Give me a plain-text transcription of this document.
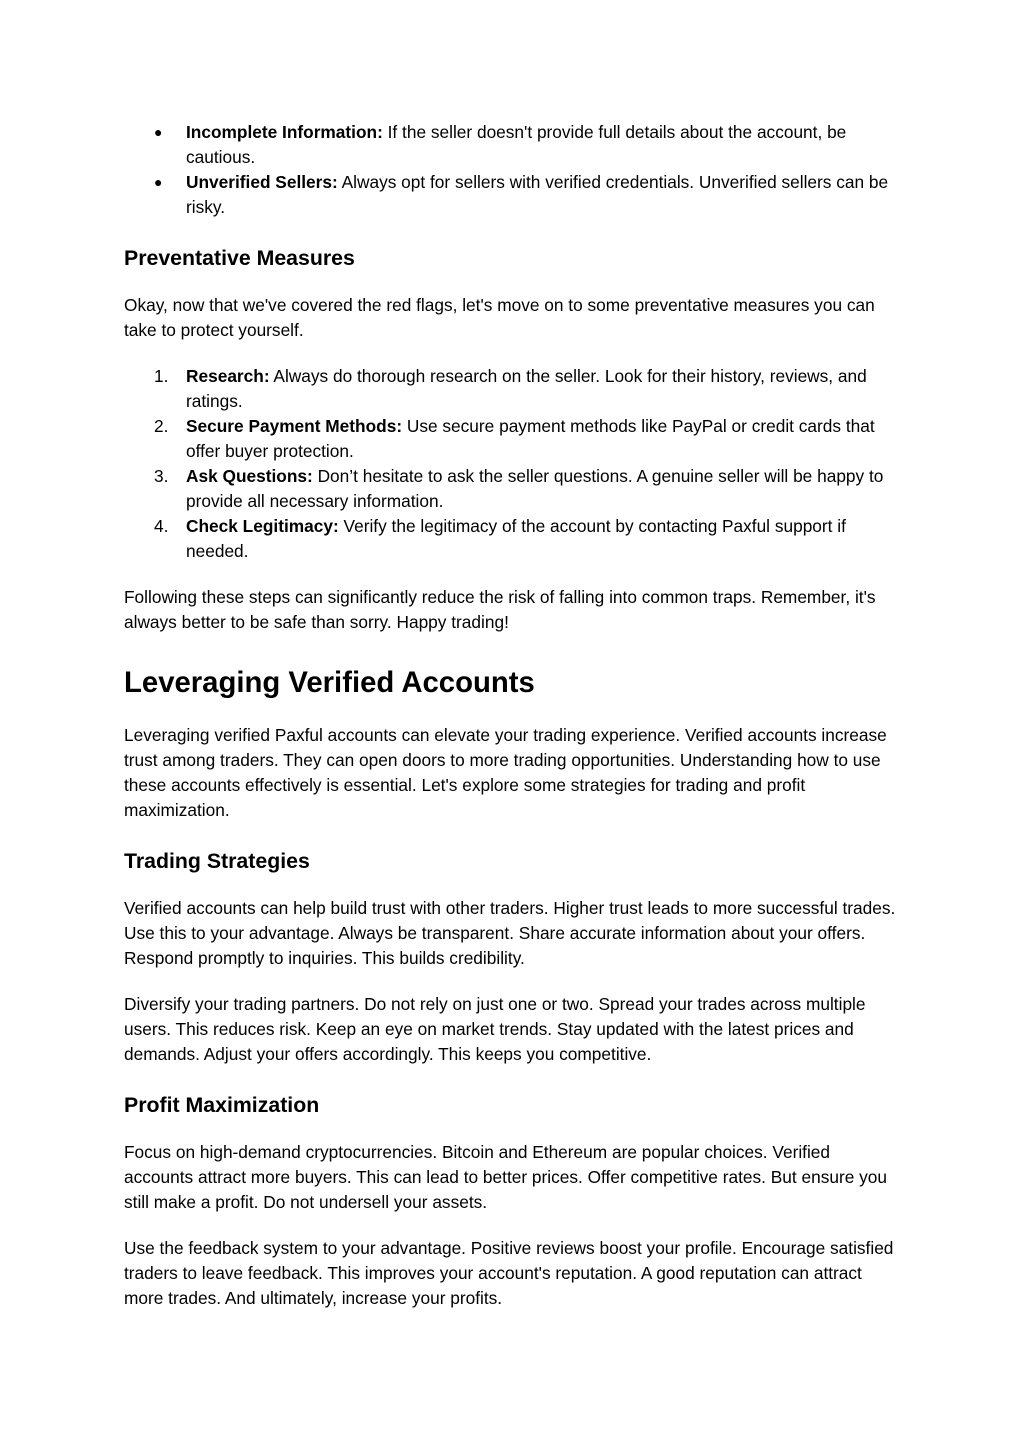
● Incomplete Information: If the seller doesn't provide full details about the account, be cautious.
● Unverified Sellers: Always opt for sellers with verified credentials. Unverified sellers can be risky.
Preventative Measures

Okay, now that we've covered the red flags, let's move on to some preventative measures you can take to protect yourself.

1. Research: Always do thorough research on the seller. Look for their history, reviews, and ratings.
2. Secure Payment Methods: Use secure payment methods like PayPal or credit cards that offer buyer protection.
3. Ask Questions: Don’t hesitate to ask the seller questions. A genuine seller will be happy to provide all necessary information.
4. Check Legitimacy: Verify the legitimacy of the account by contacting Paxful support if needed.

Following these steps can significantly reduce the risk of falling into common traps. Remember, it's always better to be safe than sorry. Happy trading!

Leveraging Verified Accounts

Leveraging verified Paxful accounts can elevate your trading experience. Verified accounts increase trust among traders. They can open doors to more trading opportunities. Understanding how to use these accounts effectively is essential. Let's explore some strategies for trading and profit maximization.

Trading Strategies

Verified accounts can help build trust with other traders. Higher trust leads to more successful trades. Use this to your advantage. Always be transparent. Share accurate information about your offers. Respond promptly to inquiries. This builds credibility.

Diversify your trading partners. Do not rely on just one or two. Spread your trades across multiple users. This reduces risk. Keep an eye on market trends. Stay updated with the latest prices and demands. Adjust your offers accordingly. This keeps you competitive.

Profit Maximization

Focus on high-demand cryptocurrencies. Bitcoin and Ethereum are popular choices. Verified accounts attract more buyers. This can lead to better prices. Offer competitive rates. But ensure you still make a profit. Do not undersell your assets.

Use the feedback system to your advantage. Positive reviews boost your profile. Encourage satisfied traders to leave feedback. This improves your account's reputation. A good reputation can attract more trades. And ultimately, increase your profits.
